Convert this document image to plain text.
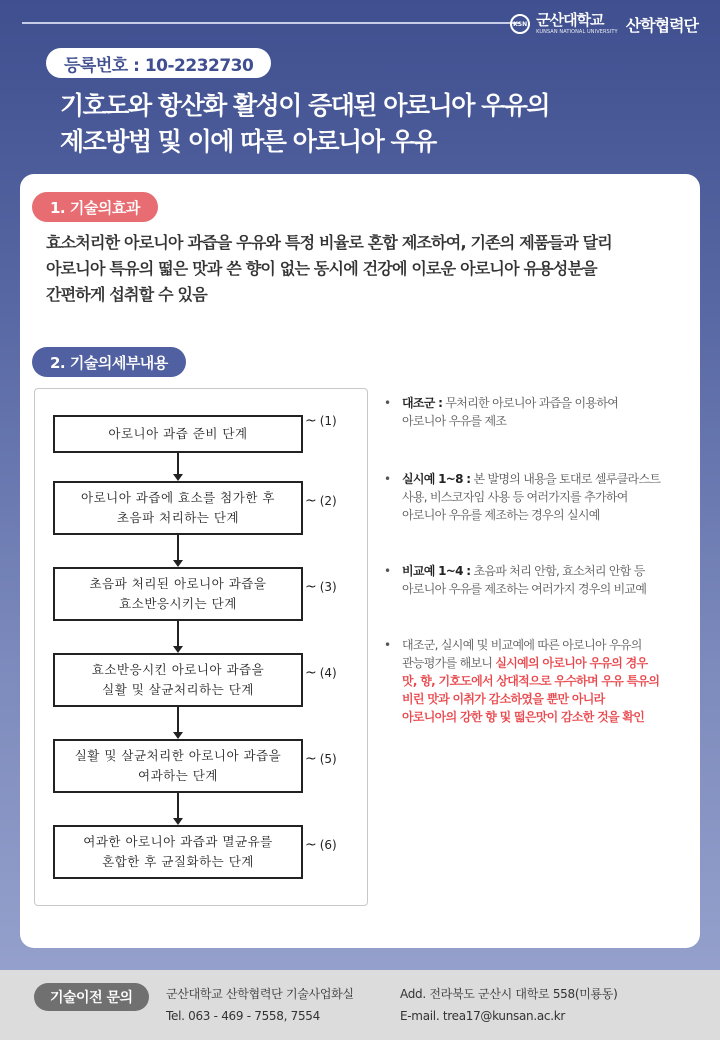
KSN 군산대학교
KUNSAN NATIONAL UNIVERSITY 산학협력단
등록번호 : 10-2232730
기호도와 항산화 활성이 증대된 아로니아 우유의
제조방법 및 이에 따른 아로니아 우유
1. 기술의효과
효소처리한 아로니아 과즙을 우유와 특정 비율로 혼합 제조하여, 기존의 제품들과 달리
아로니아 특유의 떫은 맛과 쓴 향이 없는 동시에 건강에 이로운 아로니아 유용성분을
간편하게 섭취할 수 있음
2. 기술의세부내용
아로니아 과즙 준비 단계
~ (1)
아로니아 과즙에 효소를 첨가한 후
초음파 처리하는 단계
~ (2)
초음파 처리된 아로니아 과즙을
효소반응시키는 단계
~ (3)
효소반응시킨 아로니아 과즙을
실활 및 살균처리하는 단계
~ (4)
실활 및 살균처리한 아로니아 과즙을
여과하는 단계
~ (5)
여과한 아로니아 과즙과 멸균유를
혼합한 후 균질화하는 단계
~ (6)
• 대조군 : 무처리한 아로니아 과즙을 이용하여
아로니아 우유를 제조
• 실시예 1~8 : 본 발명의 내용을 토대로 셀루클라스트
사용, 비스코자임 사용 등 여러가지를 추가하여
아로니아 우유를 제조하는 경우의 실시예
• 비교예 1~4 : 초음파 처리 안함, 효소처리 안함 등
아로니아 우유를 제조하는 여러가지 경우의 비교예
• 대조군, 실시예 및 비교예에 따른 아로니아 우유의
관능평가를 해보니 실시예의 아로니아 우유의 경우
맛, 향, 기호도에서 상대적으로 우수하며 우유 특유의
비린 맛과 이취가 감소하였을 뿐만 아니라
아로니아의 강한 향 및 떫은맛이 감소한 것을 확인
기술이전 문의	군산대학교 산학협력단 기술사업화실
Tel. 063 - 469 - 7558, 7554
Add. 전라북도 군산시 대학로 558(미룡동)
E-mail. trea17@kunsan.ac.kr
